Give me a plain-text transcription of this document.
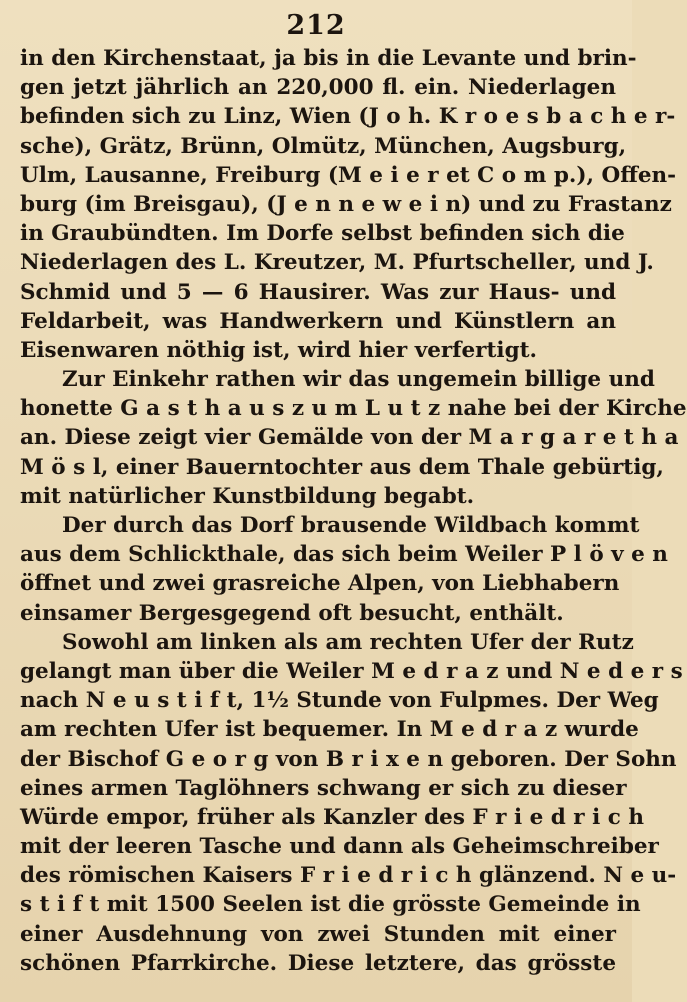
212
in den Kirchenstaat, ja bis in die Levante und brin-
gen jetzt jährlich an 220,000 fl. ein. Niederlagen
befinden sich zu Linz, Wien (J o h. K r o e s b a c h e r-
sche), Grätz, Brünn, Olmütz, München, Augsburg,
Ulm, Lausanne, Freiburg (M e i e r et C o m p.), Offen-
burg (im Breisgau), (J e n n e w e i n) und zu Frastanz
in Graubündten. Im Dorfe selbst befinden sich die
Niederlagen des L. Kreutzer, M. Pfurtscheller, und J.
Schmid und 5 — 6 Hausirer. Was zur Haus- und
Feldarbeit, was Handwerkern und Künstlern an
Eisenwaren nöthig ist, wird hier verfertigt.
Zur Einkehr rathen wir das ungemein billige und
honette G a s t h a u s z u m L u t z nahe bei der Kirche
an. Diese zeigt vier Gemälde von der M a r g a r e t h a
M ö s l, einer Bauerntochter aus dem Thale gebürtig,
mit natürlicher Kunstbildung begabt.
Der durch das Dorf brausende Wildbach kommt
aus dem Schlickthale, das sich beim Weiler P l ö v e n
öffnet und zwei grasreiche Alpen, von Liebhabern
einsamer Bergesgegend oft besucht, enthält.
Sowohl am linken als am rechten Ufer der Rutz
gelangt man über die Weiler M e d r a z und N e d e r s
nach N e u s t i f t, 1½ Stunde von Fulpmes. Der Weg
am rechten Ufer ist bequemer. In M e d r a z wurde
der Bischof G e o r g von B r i x e n geboren. Der Sohn
eines armen Taglöhners schwang er sich zu dieser
Würde empor, früher als Kanzler des F r i e d r i c h
mit der leeren Tasche und dann als Geheimschreiber
des römischen Kaisers F r i e d r i c h glänzend. N e u-
s t i f t mit 1500 Seelen ist die grösste Gemeinde in
einer Ausdehnung von zwei Stunden mit einer
schönen Pfarrkirche. Diese letztere, das grösste
